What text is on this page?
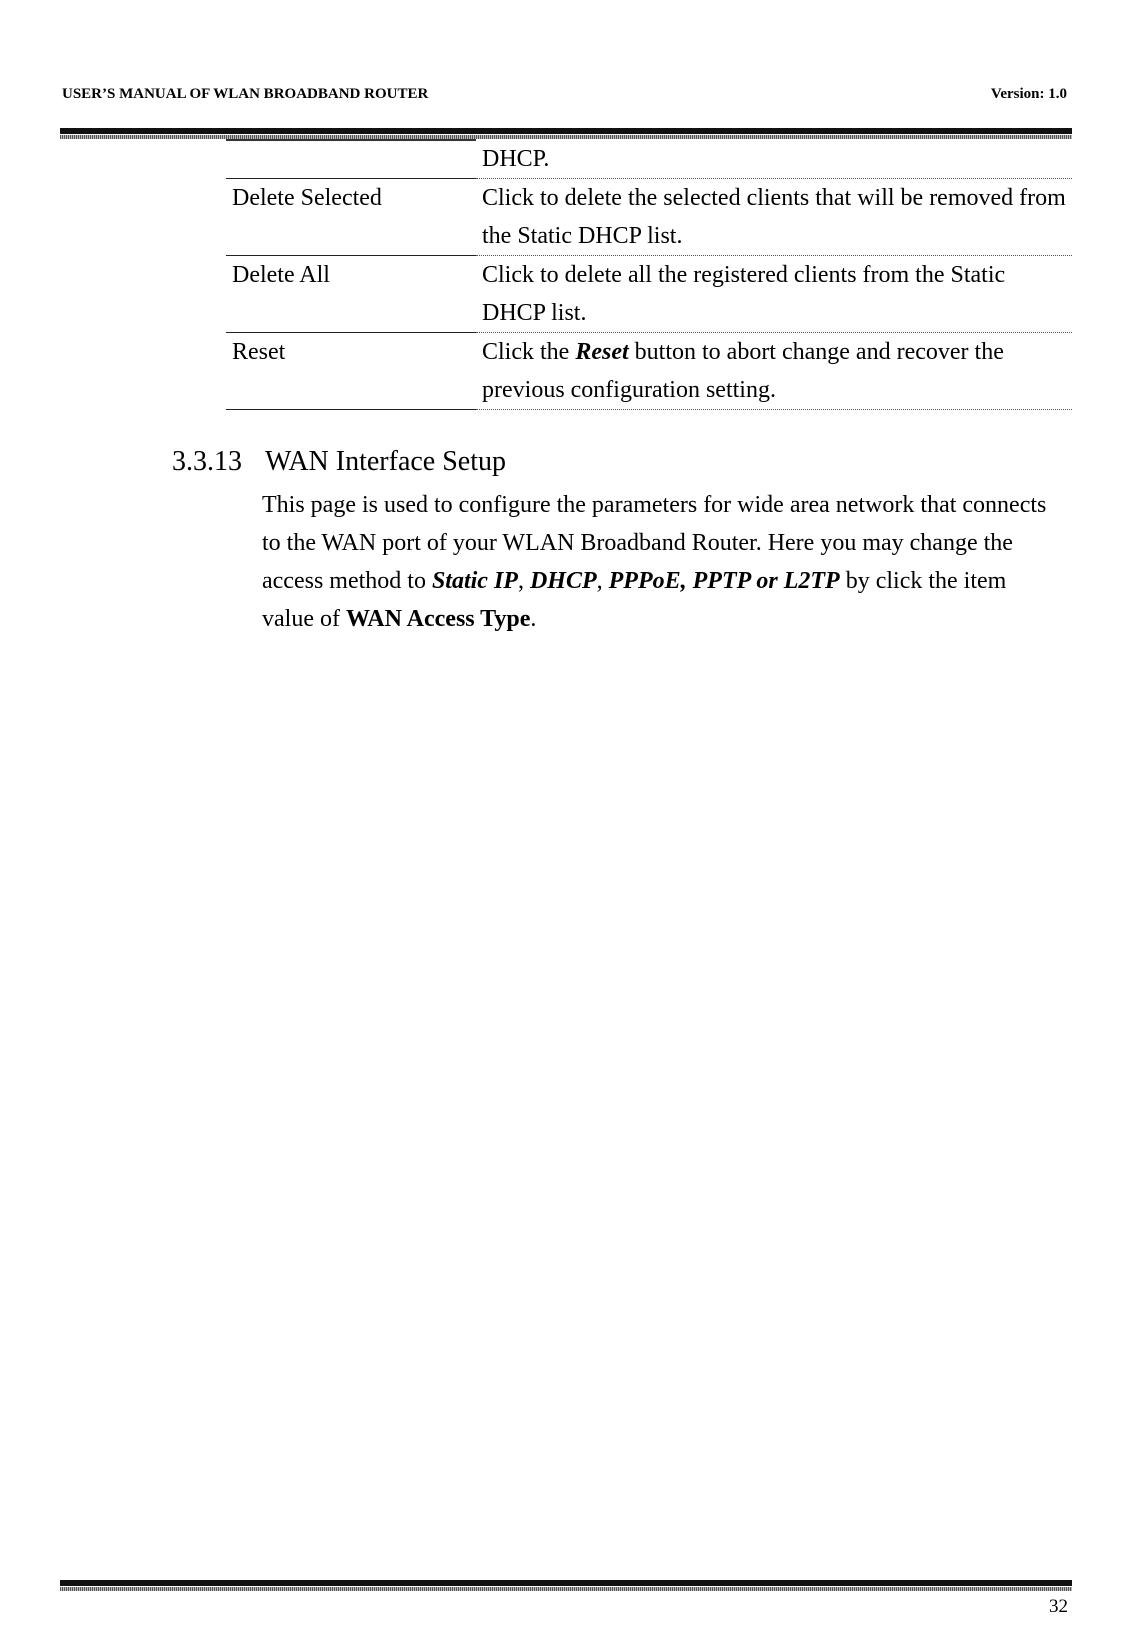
USER’S MANUAL OF WLAN BROADBAND ROUTER	Version: 1.0
	DHCP.
Delete Selected	Click to delete the selected clients that will be removed from the Static DHCP list.
Delete All	Click to delete all the registered clients from the Static DHCP list.
Reset	Click the Reset button to abort change and recover the previous configuration setting.
3.3.13 WAN Interface Setup
This page is used to configure the parameters for wide area network that connects to the WAN port of your WLAN Broadband Router. Here you may change the access method to Static IP, DHCP, PPPoE, PPTP or L2TP by click the item value of WAN Access Type.
32
